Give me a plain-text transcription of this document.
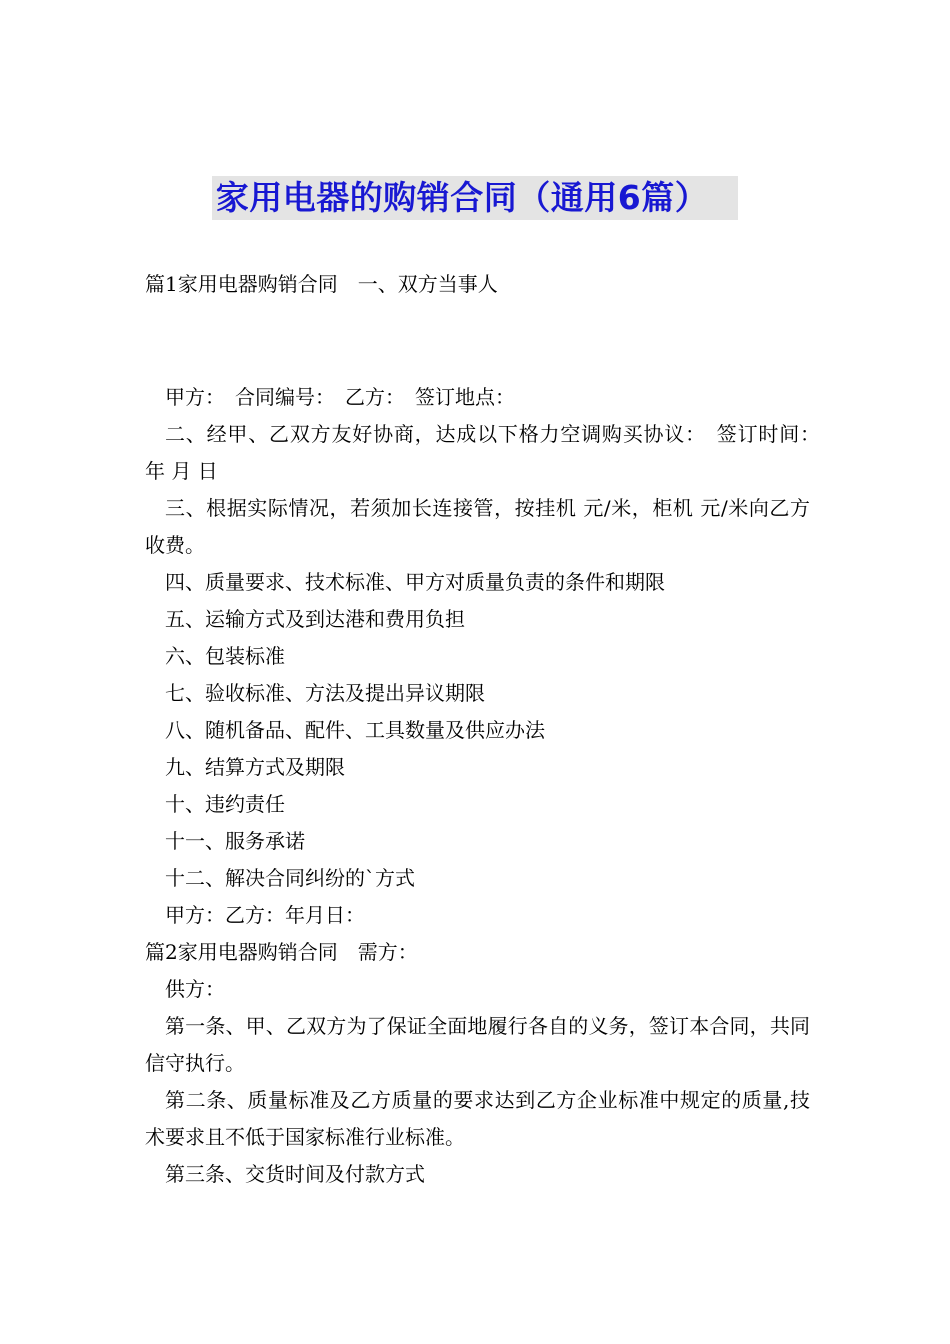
家用电器的购销合同（通用6篇）

篇1家用电器购销合同　一、双方当事人

甲方：　合同编号：　乙方：　签订地点：

二、经甲、乙双方友好协商，达成以下格力空调购买协议：　签订时间：　年 月 日

三、根据实际情况，若须加长连接管，按挂机 元/米，柜机 元/米向乙方收费。

四、质量要求、技术标准、甲方对质量负责的条件和期限

五、运输方式及到达港和费用负担

六、包装标准

七、验收标准、方法及提出异议期限

八、随机备品、配件、工具数量及供应办法

九、结算方式及期限

十、违约责任

十一、服务承诺

十二、解决合同纠纷的`方式

甲方：乙方：年月日：

篇2家用电器购销合同　需方：

供方：

第一条、甲、乙双方为了保证全面地履行各自的义务，签订本合同，共同信守执行。

第二条、质量标准及乙方质量的要求达到乙方企业标准中规定的质量,技术要求且不低于国家标准行业标准。

第三条、交货时间及付款方式
